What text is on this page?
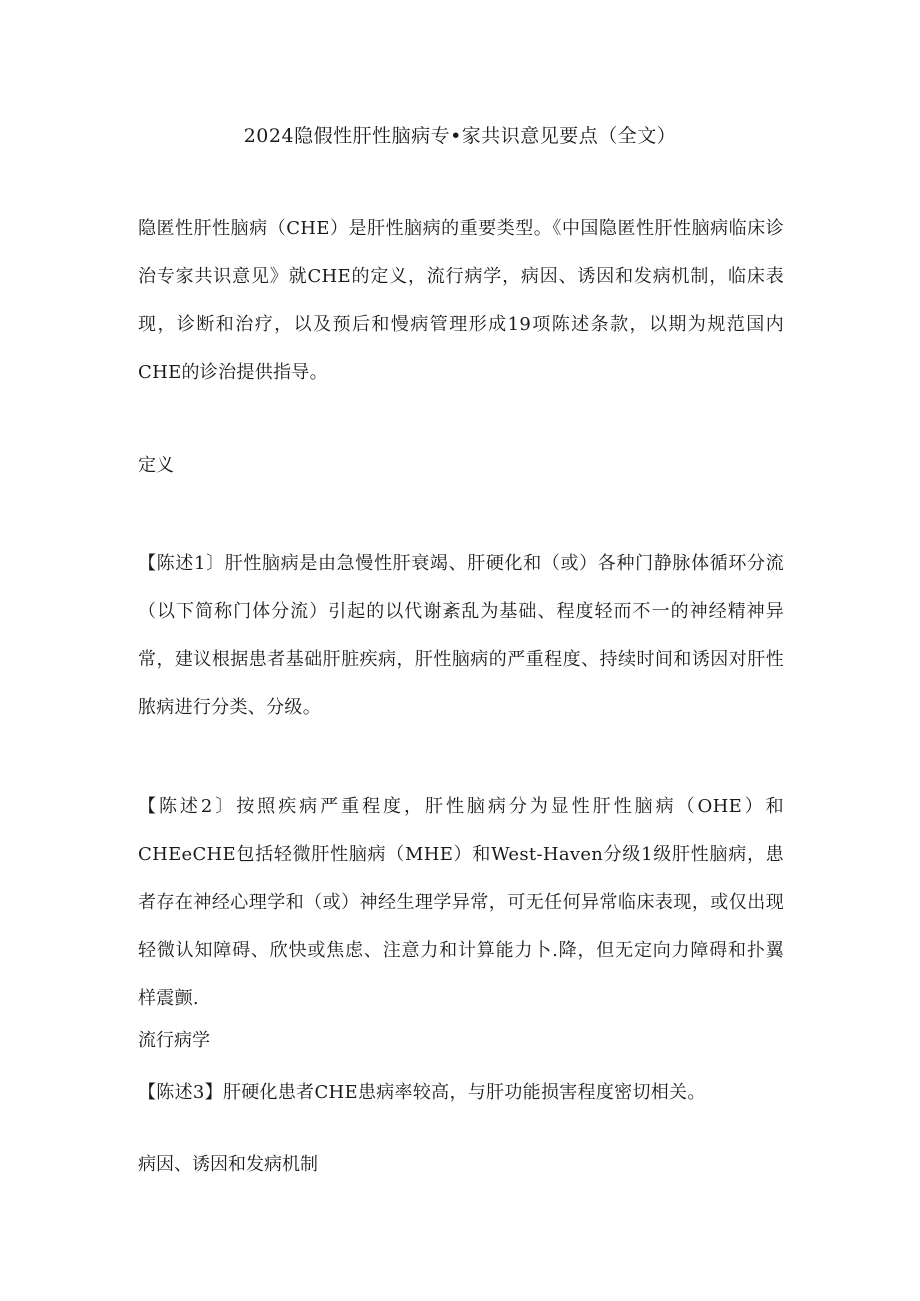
2024隐假性肝性脑病专•家共识意见要点（全文）
隐匿性肝性脑病（CHE）是肝性脑病的重要类型。《中国隐匿性肝性脑病临床诊治专家共识意见》就CHE的定义，流行病学，病因、诱因和发病机制，临床表现，诊断和治疗，以及预后和慢病管理形成19项陈述条款，以期为规范国内CHE的诊治提供指导。
定义
【陈述1〕肝性脑病是由急慢性肝衰竭、肝硬化和（或）各种门静脉体循环分流（以下简称门体分流）引起的以代谢紊乱为基础、程度轻而不一的神经精神异常，建议根据患者基础肝脏疾病，肝性脑病的严重程度、持续时间和诱因对肝性脓病进行分类、分级。
【陈述2〕按照疾病严重程度，肝性脑病分为显性肝性脑病（OHE）和CHEeCHE包括轻微肝性脑病（MHE）和West-Haven分级1级肝性脑病，患者存在神经心理学和（或）神经生理学异常，可无任何异常临床表现，或仅出现轻微认知障碍、欣快或焦虑、注意力和计算能力卜.降，但无定向力障碍和扑翼样震颤.
流行病学
【陈述3】肝硬化患者CHE患病率较高，与肝功能损害程度密切相关。
病因、诱因和发病机制
